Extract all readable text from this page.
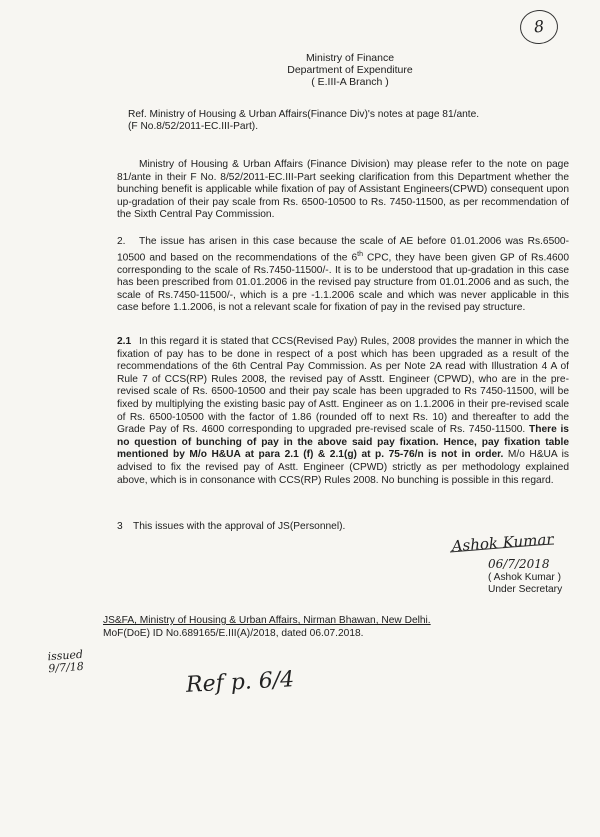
8
Ministry of Finance
Department of Expenditure
( E.III-A Branch )
Ref. Ministry of Housing & Urban Affairs(Finance Div)'s notes at page 81/ante.
(F No.8/52/2011-EC.III-Part).
Ministry of Housing & Urban Affairs (Finance Division) may please refer to the note on page 81/ante in their F No. 8/52/2011-EC.III-Part seeking clarification from this Department whether the bunching benefit is applicable while fixation of pay of Assistant Engineers(CPWD) consequent upon up-gradation of their pay scale from Rs. 6500-10500 to Rs. 7450-11500, as per recommendation of the Sixth Central Pay Commission.
2. The issue has arisen in this case because the scale of AE before 01.01.2006 was Rs.6500-10500 and based on the recommendations of the 6th CPC, they have been given GP of Rs.4600 corresponding to the scale of Rs.7450-11500/-. It is to be understood that up-gradation in this case has been prescribed from 01.01.2006 in the revised pay structure from 01.01.2006 and as such, the scale of Rs.7450-11500/-, which is a pre -1.1.2006 scale and which was never applicable in this case before 1.1.2006, is not a relevant scale for fixation of pay in the revised pay structure.
2.1 In this regard it is stated that CCS(Revised Pay) Rules, 2008 provides the manner in which the fixation of pay has to be done in respect of a post which has been upgraded as a result of the recommendations of the 6th Central Pay Commission. As per Note 2A read with Illustration 4 A of Rule 7 of CCS(RP) Rules 2008, the revised pay of Asstt. Engineer (CPWD), who are in the pre-revised scale of Rs. 6500-10500 and their pay scale has been upgraded to Rs 7450-11500, will be fixed by multiplying the existing basic pay of Astt. Engineer as on 1.1.2006 in their pre-revised scale of Rs. 6500-10500 with the factor of 1.86 (rounded off to next Rs. 10) and thereafter to add the Grade Pay of Rs. 4600 corresponding to upgraded pre-revised scale of Rs. 7450-11500. There is no question of bunching of pay in the above said pay fixation. Hence, pay fixation table mentioned by M/o H&UA at para 2.1 (f) & 2.1(g) at p. 75-76/n is not in order. M/o H&UA is advised to fix the revised pay of Astt. Engineer (CPWD) strictly as per methodology explained above, which is in consonance with CCS(RP) Rules 2008. No bunching is possible in this regard.
3 This issues with the approval of JS(Personnel).
Ashok Kumar
06/7/2018
( Ashok Kumar )
Under Secretary
JS&FA, Ministry of Housing & Urban Affairs, Nirman Bhawan, New Delhi.
MoF(DoE) ID No.689165/E.III(A)/2018, dated 06.07.2018.
issued
9/7/18	Ref p. 6/4
